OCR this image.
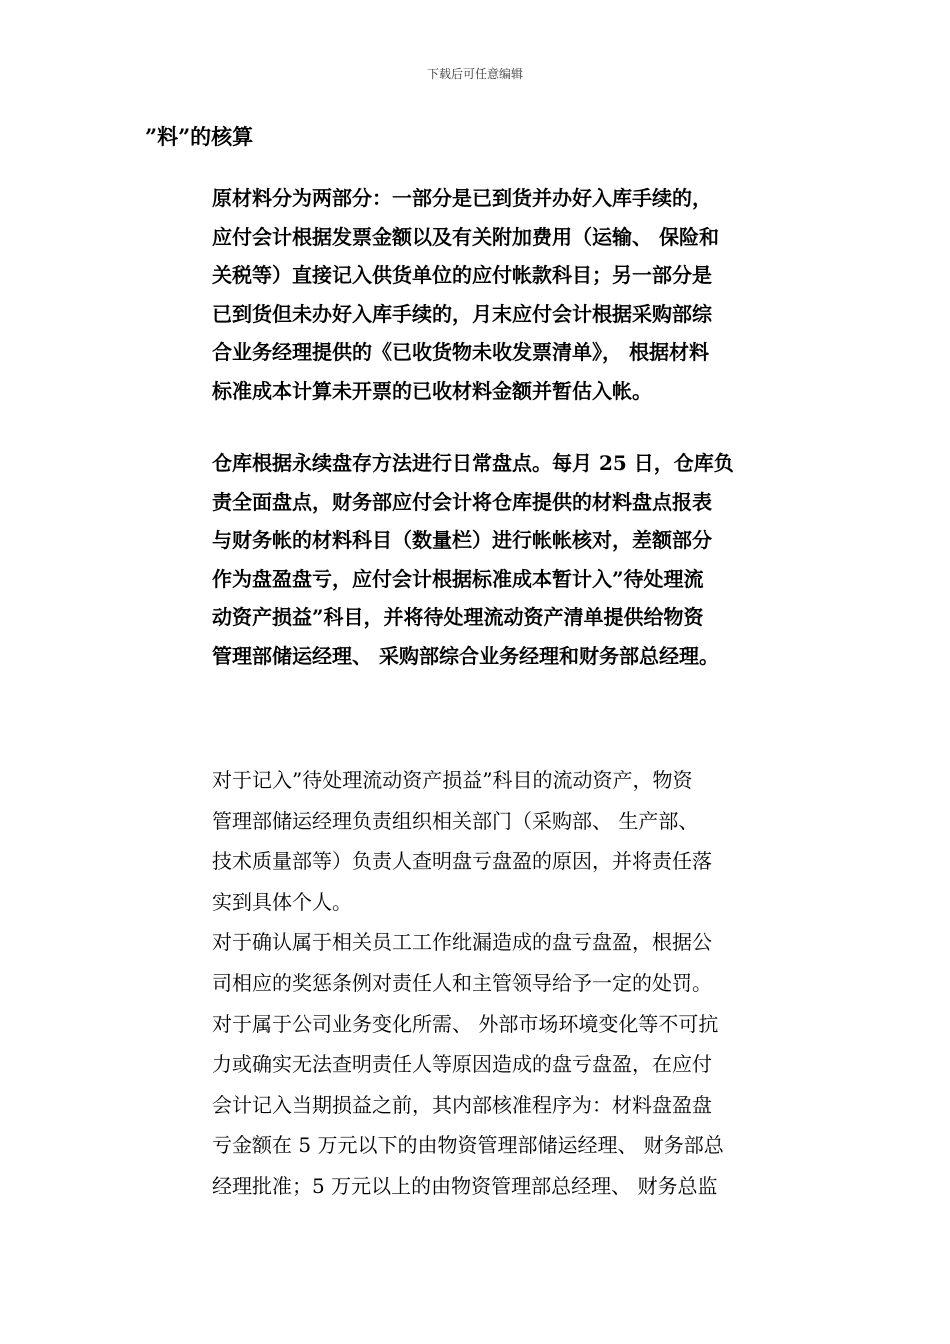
下载后可任意编辑
”料”的核算
原材料分为两部分：一部分是已到货并办好入库手续的，
应付会计根据发票金额以及有关附加费用（运输、 保险和
关税等）直接记入供货单位的应付帐款科目；另一部分是
已到货但未办好入库手续的，月末应付会计根据采购部综
合业务经理提供的《已收货物未收发票清单》， 根据材料
标准成本计算未开票的已收材料金额并暂估入帐。
仓库根据永续盘存方法进行日常盘点。每月 25 日，仓库负
责全面盘点，财务部应付会计将仓库提供的材料盘点报表
与财务帐的材料科目（数量栏）进行帐帐核对，差额部分
作为盘盈盘亏，应付会计根据标准成本暂计入”待处理流
动资产损益”科目，并将待处理流动资产清单提供给物资
管理部储运经理、 采购部综合业务经理和财务部总经理。
对于记入”待处理流动资产损益”科目的流动资产，物资
管理部储运经理负责组织相关部门（采购部、 生产部、
技术质量部等）负责人查明盘亏盘盈的原因，并将责任落
实到具体个人。
对于确认属于相关员工工作纰漏造成的盘亏盘盈，根据公
司相应的奖惩条例对责任人和主管领导给予一定的处罚。
对于属于公司业务变化所需、 外部市场环境变化等不可抗
力或确实无法查明责任人等原因造成的盘亏盘盈，在应付
会计记入当期损益之前，其内部核准程序为：材料盘盈盘
亏金额在 5 万元以下的由物资管理部储运经理、 财务部总
经理批准；5 万元以上的由物资管理部总经理、 财务总监
